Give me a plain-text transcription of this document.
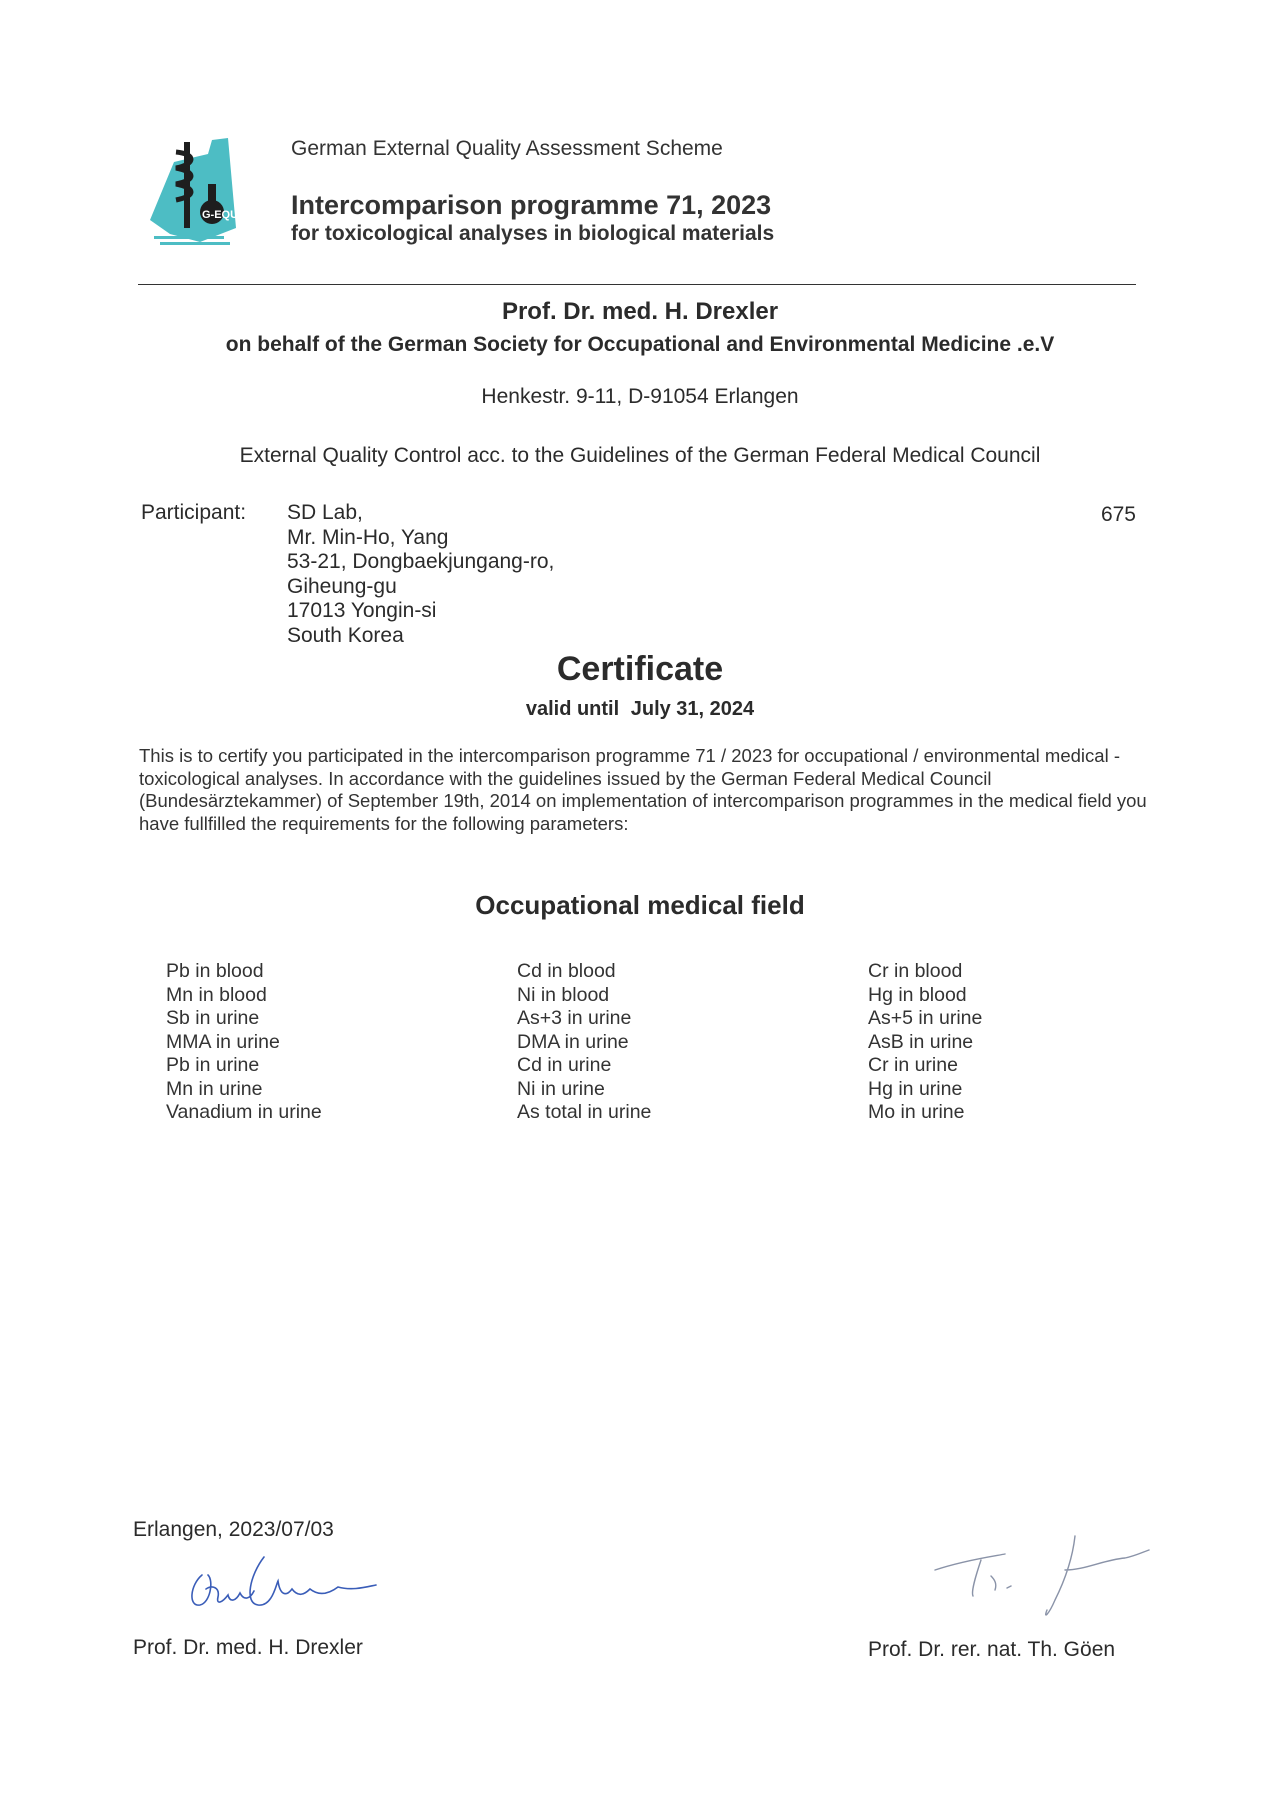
G-EQUAS
German External Quality Assessment Scheme
Intercomparison programme 71, 2023
for toxicological analyses in biological materials
Prof. Dr. med. H. Drexler
on behalf of the German Society for Occupational and Environmental Medicine .e.V
Henkestr. 9-11, D-91054 Erlangen
External Quality Control acc. to the Guidelines of the German Federal Medical Council
Participant: SD Lab,
Mr. Min-Ho, Yang
53-21, Dongbaekjungang-ro,
Giheung-gu
17013 Yongin-si
South Korea
675
Certificate
valid until July 31, 2024
This is to certify you participated in the intercomparison programme 71 / 2023 for occupational / environmental medical - toxicological analyses. In accordance with the guidelines issued by the German Federal Medical Council (Bundesärztekammer) of September 19th, 2014 on implementation of intercomparison programmes in the medical field you have fullfilled the requirements for the following parameters:
Occupational medical field
Pb in blood
Mn in blood
Sb in urine
MMA in urine
Pb in urine
Mn in urine
Vanadium in urine
Cd in blood
Ni in blood
As+3 in urine
DMA in urine
Cd in urine
Ni in urine
As total in urine
Cr in blood
Hg in blood
As+5 in urine
AsB in urine
Cr in urine
Hg in urine
Mo in urine
Erlangen, 2023/07/03
Prof. Dr. med. H. Drexler	Prof. Dr. rer. nat. Th. Göen
